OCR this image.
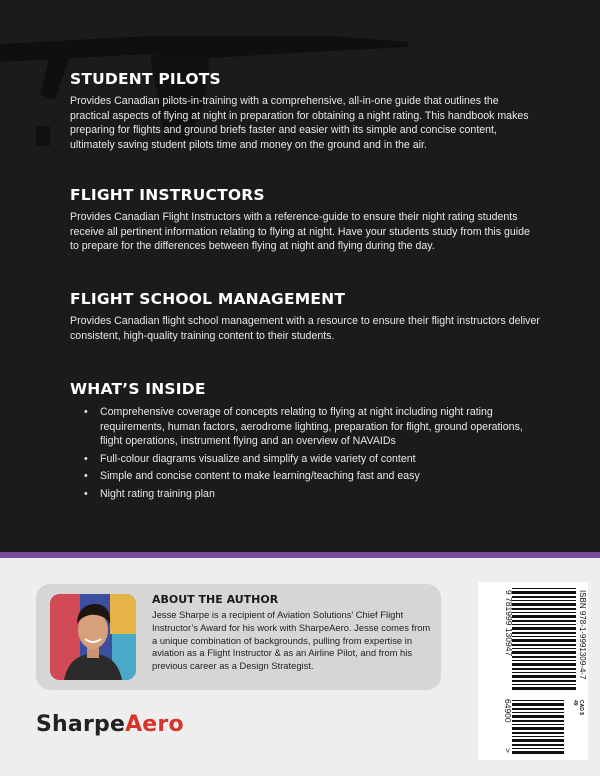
STUDENT PILOTS

Provides Canadian pilots-in-training with a comprehensive, all-in-one guide that outlines the practical aspects of flying at night in preparation for obtaining a night rating. This handbook makes preparing for flights and ground briefs faster and easier with its simple and concise content, ultimately saving student pilots time and money on the ground and in the air.

FLIGHT INSTRUCTORS

Provides Canadian Flight Instructors with a reference-guide to ensure their night rating students receive all pertinent information relating to flying at night. Have your students study from this guide to prepare for the differences between flying at night and flying during the day.

FLIGHT SCHOOL MANAGEMENT

Provides Canadian flight school management with a resource to ensure their flight instructors deliver consistent, high-quality training content to their students.

WHAT’S INSIDE
• Comprehensive coverage of concepts relating to flying at night including night rating requirements, human factors, aerodrome lighting, preparation for flight, ground operations, flight operations, instrument flying and an overview of NAVAIDs
• Full-colour diagrams visualize and simplify a wide variety of content
• Simple and concise content to make learning/teaching fast and easy
• Night rating training plan
ABOUT THE AUTHOR

Jesse Sharpe is a recipient of Aviation Solutions’ Chief Flight Instructor’s Award for his work with SharpeAero. Jesse comes from a unique combination of backgrounds, pulling from expertise in aviation as a Flight Instructor & as an Airline Pilot, and from his previous career as a Design Strategist.

SharpeAero
ISBN 978-1-9991309-4-7
9 781999 130947
64900
>
CAD $
49
